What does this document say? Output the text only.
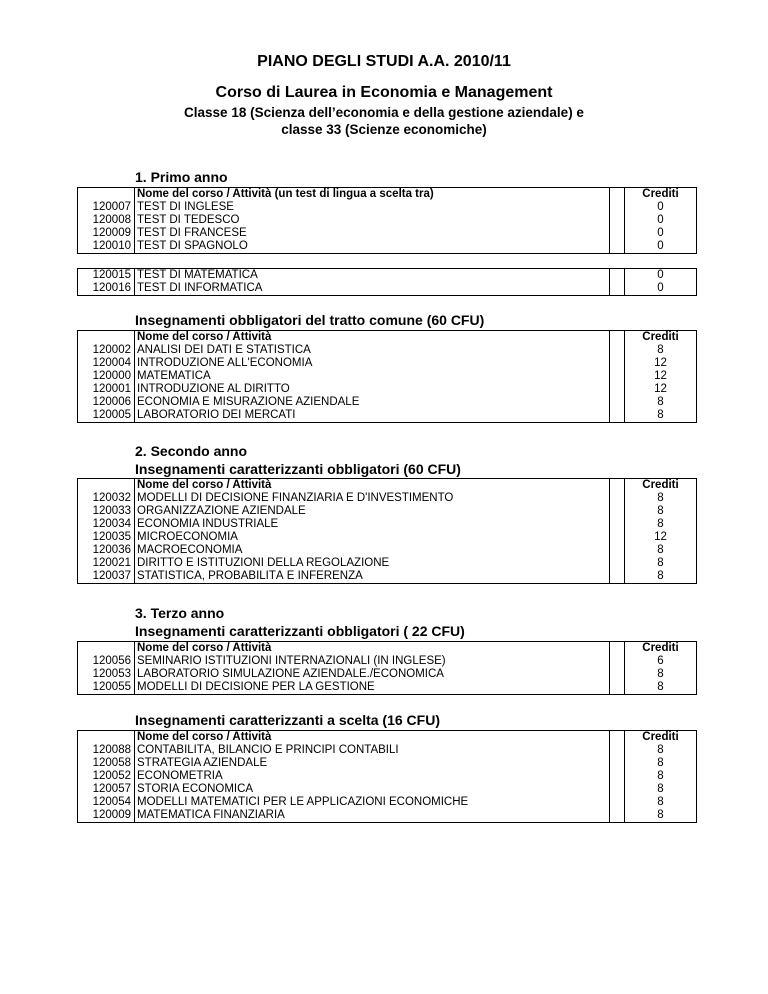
PIANO DEGLI STUDI A.A. 2010/11
Corso di Laurea in Economia e Management
Classe 18 (Scienza dell’economia e della gestione aziendale) e
classe 33 (Scienze economiche)
1. Primo anno
	Nome del corso / Attività (un test di lingua a scelta tra)		Crediti
120007	TEST DI INGLESE		0
120008	TEST DI TEDESCO		0
120009	TEST DI FRANCESE		0
120010	TEST DI SPAGNOLO		0
120015	TEST DI MATEMATICA		0
120016	TEST DI INFORMATICA		0
Insegnamenti obbligatori del tratto comune (60 CFU)
	Nome del corso / Attività		Crediti
120002	ANALISI DEI DATI E STATISTICA		8
120004	INTRODUZIONE ALL'ECONOMIA		12
120000	MATEMATICA		12
120001	INTRODUZIONE AL DIRITTO		12
120006	ECONOMIA E MISURAZIONE AZIENDALE		8
120005	LABORATORIO DEI MERCATI		8
2. Secondo anno
Insegnamenti caratterizzanti obbligatori (60 CFU)
	Nome del corso / Attività		Crediti
120032	MODELLI DI DECISIONE FINANZIARIA E D'INVESTIMENTO		8
120033	ORGANIZZAZIONE AZIENDALE		8
120034	ECONOMIA INDUSTRIALE		8
120035	MICROECONOMIA		12
120036	MACROECONOMIA		8
120021	DIRITTO E ISTITUZIONI DELLA REGOLAZIONE		8
120037	STATISTICA, PROBABILITÀ E INFERENZA		8
3. Terzo anno
Insegnamenti caratterizzanti obbligatori ( 22 CFU)
	Nome del corso / Attività		Crediti
120056	SEMINARIO ISTITUZIONI INTERNAZIONALI (IN INGLESE)		6
120053	LABORATORIO SIMULAZIONE AZIENDALE./ECONOMICA		8
120055	MODELLI DI DECISIONE PER LA GESTIONE		8
Insegnamenti caratterizzanti a scelta (16 CFU)
	Nome del corso / Attività		Crediti
120088	CONTABILITÀ, BILANCIO E PRINCIPI CONTABILI		8
120058	STRATEGIA AZIENDALE		8
120052	ECONOMETRIA		8
120057	STORIA ECONOMICA		8
120054	MODELLI MATEMATICI PER LE APPLICAZIONI ECONOMICHE		8
120009	MATEMATICA FINANZIARIA		8
